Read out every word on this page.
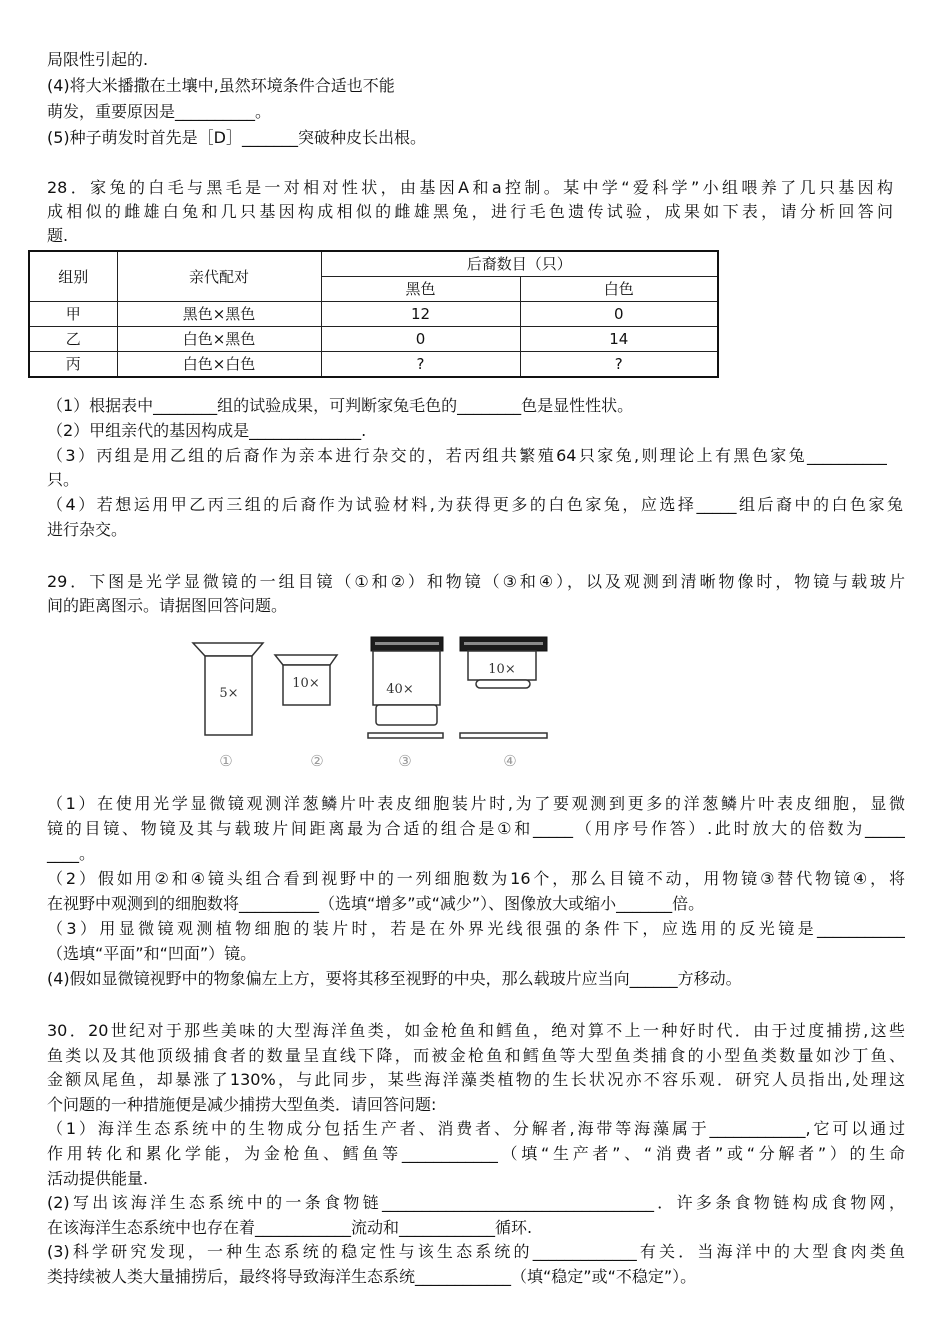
局限性引起的.
(4)将大米播撒在土壤中,虽然环境条件合适也不能
萌发，重要原因是__________。
(5)种子萌发时首先是［D］_______突破种皮长出根。
28．家兔的白毛与黑毛是一对相对性状，由基因A和a控制。某中学“爱科学”小组喂养了几只基因构
成相似的雌雄白兔和几只基因构成相似的雌雄黑兔，进行毛色遗传试验，成果如下表，请分析回答问
题.
组别	亲代配对	后裔数目（只）	
		黑色	白色
甲	黑色×黑色	12	0
乙	白色×黑色	0	14
丙	白色×白色	?	?
（1）根据表中________组的试验成果，可判断家兔毛色的________色是显性性状。
（2）甲组亲代的基因构成是______________.
（3）丙组是用乙组的后裔作为亲本进行杂交的，若丙组共繁殖64只家兔,则理论上有黑色家兔__________
只。
（4）若想运用甲乙丙三组的后裔作为试验材料,为获得更多的白色家兔，应选择_____组后裔中的白色家兔
进行杂交。
29．下图是光学显微镜的一组目镜（①和②）和物镜（③和④），以及观测到清晰物像时，物镜与载玻片
间的距离图示。请据图回答问题。
5×
①
10×
②
40×
③
10×
④
（1）在使用光学显微镜观测洋葱鳞片叶表皮细胞装片时,为了要观测到更多的洋葱鳞片叶表皮细胞，显微
镜的目镜、物镜及其与载玻片间距离最为合适的组合是①和_____（用序号作答）.此时放大的倍数为_____
____。
（2）假如用②和④镜头组合看到视野中的一列细胞数为16个，那么目镜不动，用物镜③替代物镜④，将
在视野中观测到的细胞数将__________（选填“增多”或“减少”）、图像放大或缩小_______倍。
（3）用显微镜观测植物细胞的装片时，若是在外界光线很强的条件下，应选用的反光镜是___________
（选填“平面”和“凹面”）镜。
(4)假如显微镜视野中的物象偏左上方，要将其移至视野的中央，那么载玻片应当向______方移动。
30．20世纪对于那些美味的大型海洋鱼类，如金枪鱼和鳕鱼，绝对算不上一种好时代．由于过度捕捞,这些
鱼类以及其他顶级捕食者的数量呈直线下降，而被金枪鱼和鳕鱼等大型鱼类捕食的小型鱼类数量如沙丁鱼、
金额凤尾鱼，却暴涨了130%，与此同步，某些海洋藻类植物的生长状况亦不容乐观．研究人员指出,处理这
个问题的一种措施便是减少捕捞大型鱼类．请回答问题:
（1）海洋生态系统中的生物成分包括生产者、消费者、分解者,海带等海藻属于____________,它可以通过
作用转化和累化学能，为金枪鱼、鳕鱼等____________（填“生产者”、“消费者”或“分解者”）的生命
活动提供能量.
(2)写出该海洋生态系统中的一条食物链__________________________________．许多条食物链构成食物网，
在该海洋生态系统中也存在着____________流动和____________循环.
(3)科学研究发现，一种生态系统的稳定性与该生态系统的_____________有关．当海洋中的大型食肉类鱼
类持续被人类大量捕捞后，最终将导致海洋生态系统____________（填“稳定”或“不稳定”）。
